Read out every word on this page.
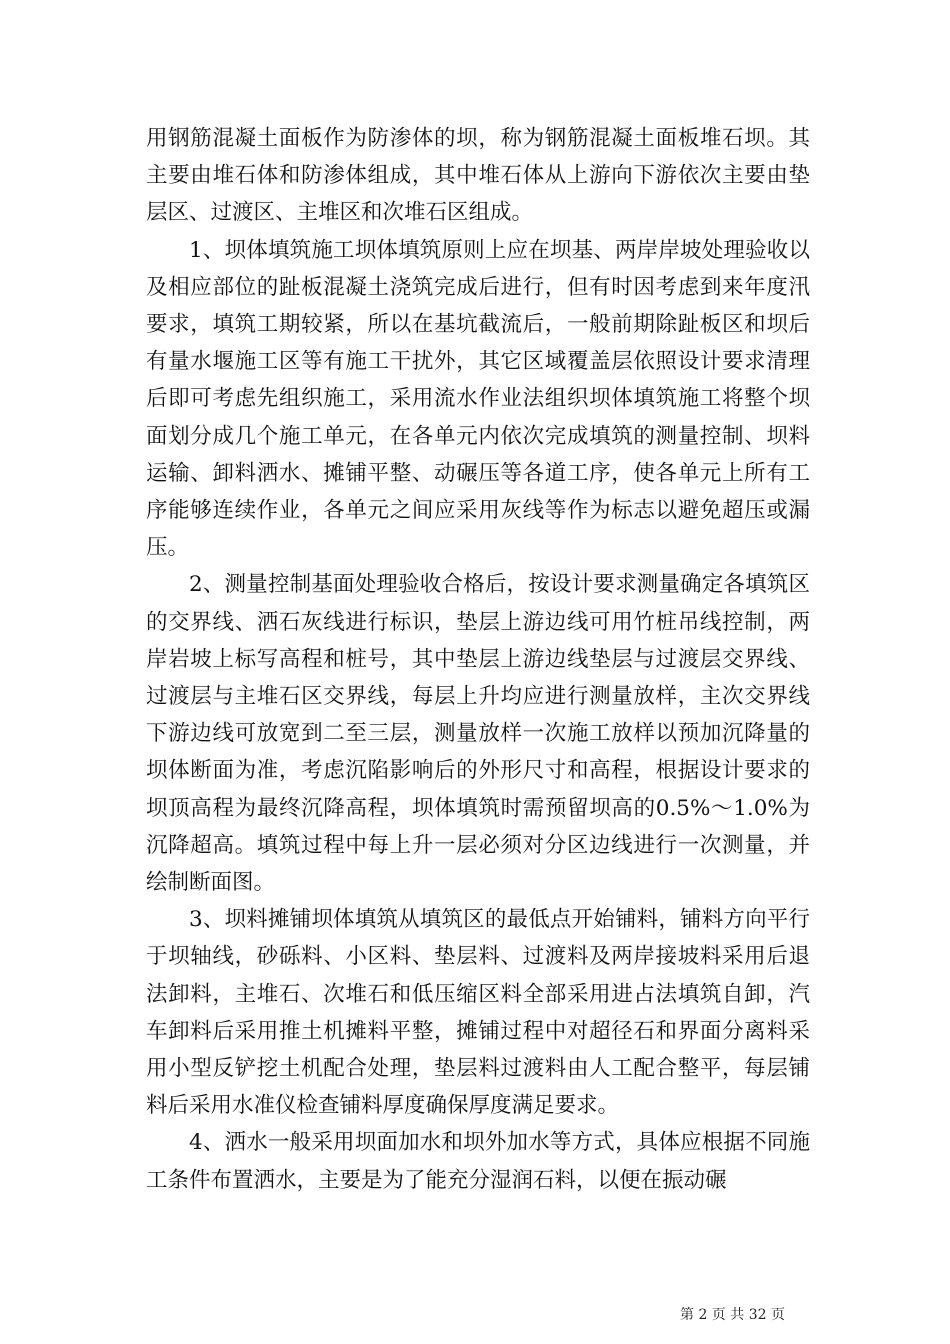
用钢筋混凝土面板作为防渗体的坝，称为钢筋混凝土面板堆石坝。其主要由堆石体和防渗体组成，其中堆石体从上游向下游依次主要由垫层区、过渡区、主堆区和次堆石区组成。

1、坝体填筑施工坝体填筑原则上应在坝基、两岸岸坡处理验收以及相应部位的趾板混凝土浇筑完成后进行，但有时因考虑到来年度汛要求，填筑工期较紧，所以在基坑截流后，一般前期除趾板区和坝后有量水堰施工区等有施工干扰外，其它区域覆盖层依照设计要求清理后即可考虑先组织施工，采用流水作业法组织坝体填筑施工将整个坝面划分成几个施工单元，在各单元内依次完成填筑的测量控制、坝料运输、卸料洒水、摊铺平整、动碾压等各道工序，使各单元上所有工序能够连续作业，各单元之间应采用灰线等作为标志以避免超压或漏压。

2、测量控制基面处理验收合格后，按设计要求测量确定各填筑区的交界线、洒石灰线进行标识，垫层上游边线可用竹桩吊线控制，两岸岩坡上标写高程和桩号，其中垫层上游边线垫层与过渡层交界线、过渡层与主堆石区交界线，每层上升均应进行测量放样，主次交界线下游边线可放宽到二至三层，测量放样一次施工放样以预加沉降量的坝体断面为准，考虑沉陷影响后的外形尺寸和高程，根据设计要求的坝顶高程为最终沉降高程，坝体填筑时需预留坝高的0.5%～1.0%为沉降超高。填筑过程中每上升一层必须对分区边线进行一次测量，并绘制断面图。

3、坝料摊铺坝体填筑从填筑区的最低点开始铺料，铺料方向平行于坝轴线，砂砾料、小区料、垫层料、过渡料及两岸接坡料采用后退法卸料，主堆石、次堆石和低压缩区料全部采用进占法填筑自卸，汽车卸料后采用推土机摊料平整，摊铺过程中对超径石和界面分离料采用小型反铲挖土机配合处理，垫层料过渡料由人工配合整平，每层铺料后采用水准仪检查铺料厚度确保厚度满足要求。

4、洒水一般采用坝面加水和坝外加水等方式，具体应根据不同施工条件布置洒水，主要是为了能充分湿润石料，以便在振动碾

第 2 页 共 32 页
